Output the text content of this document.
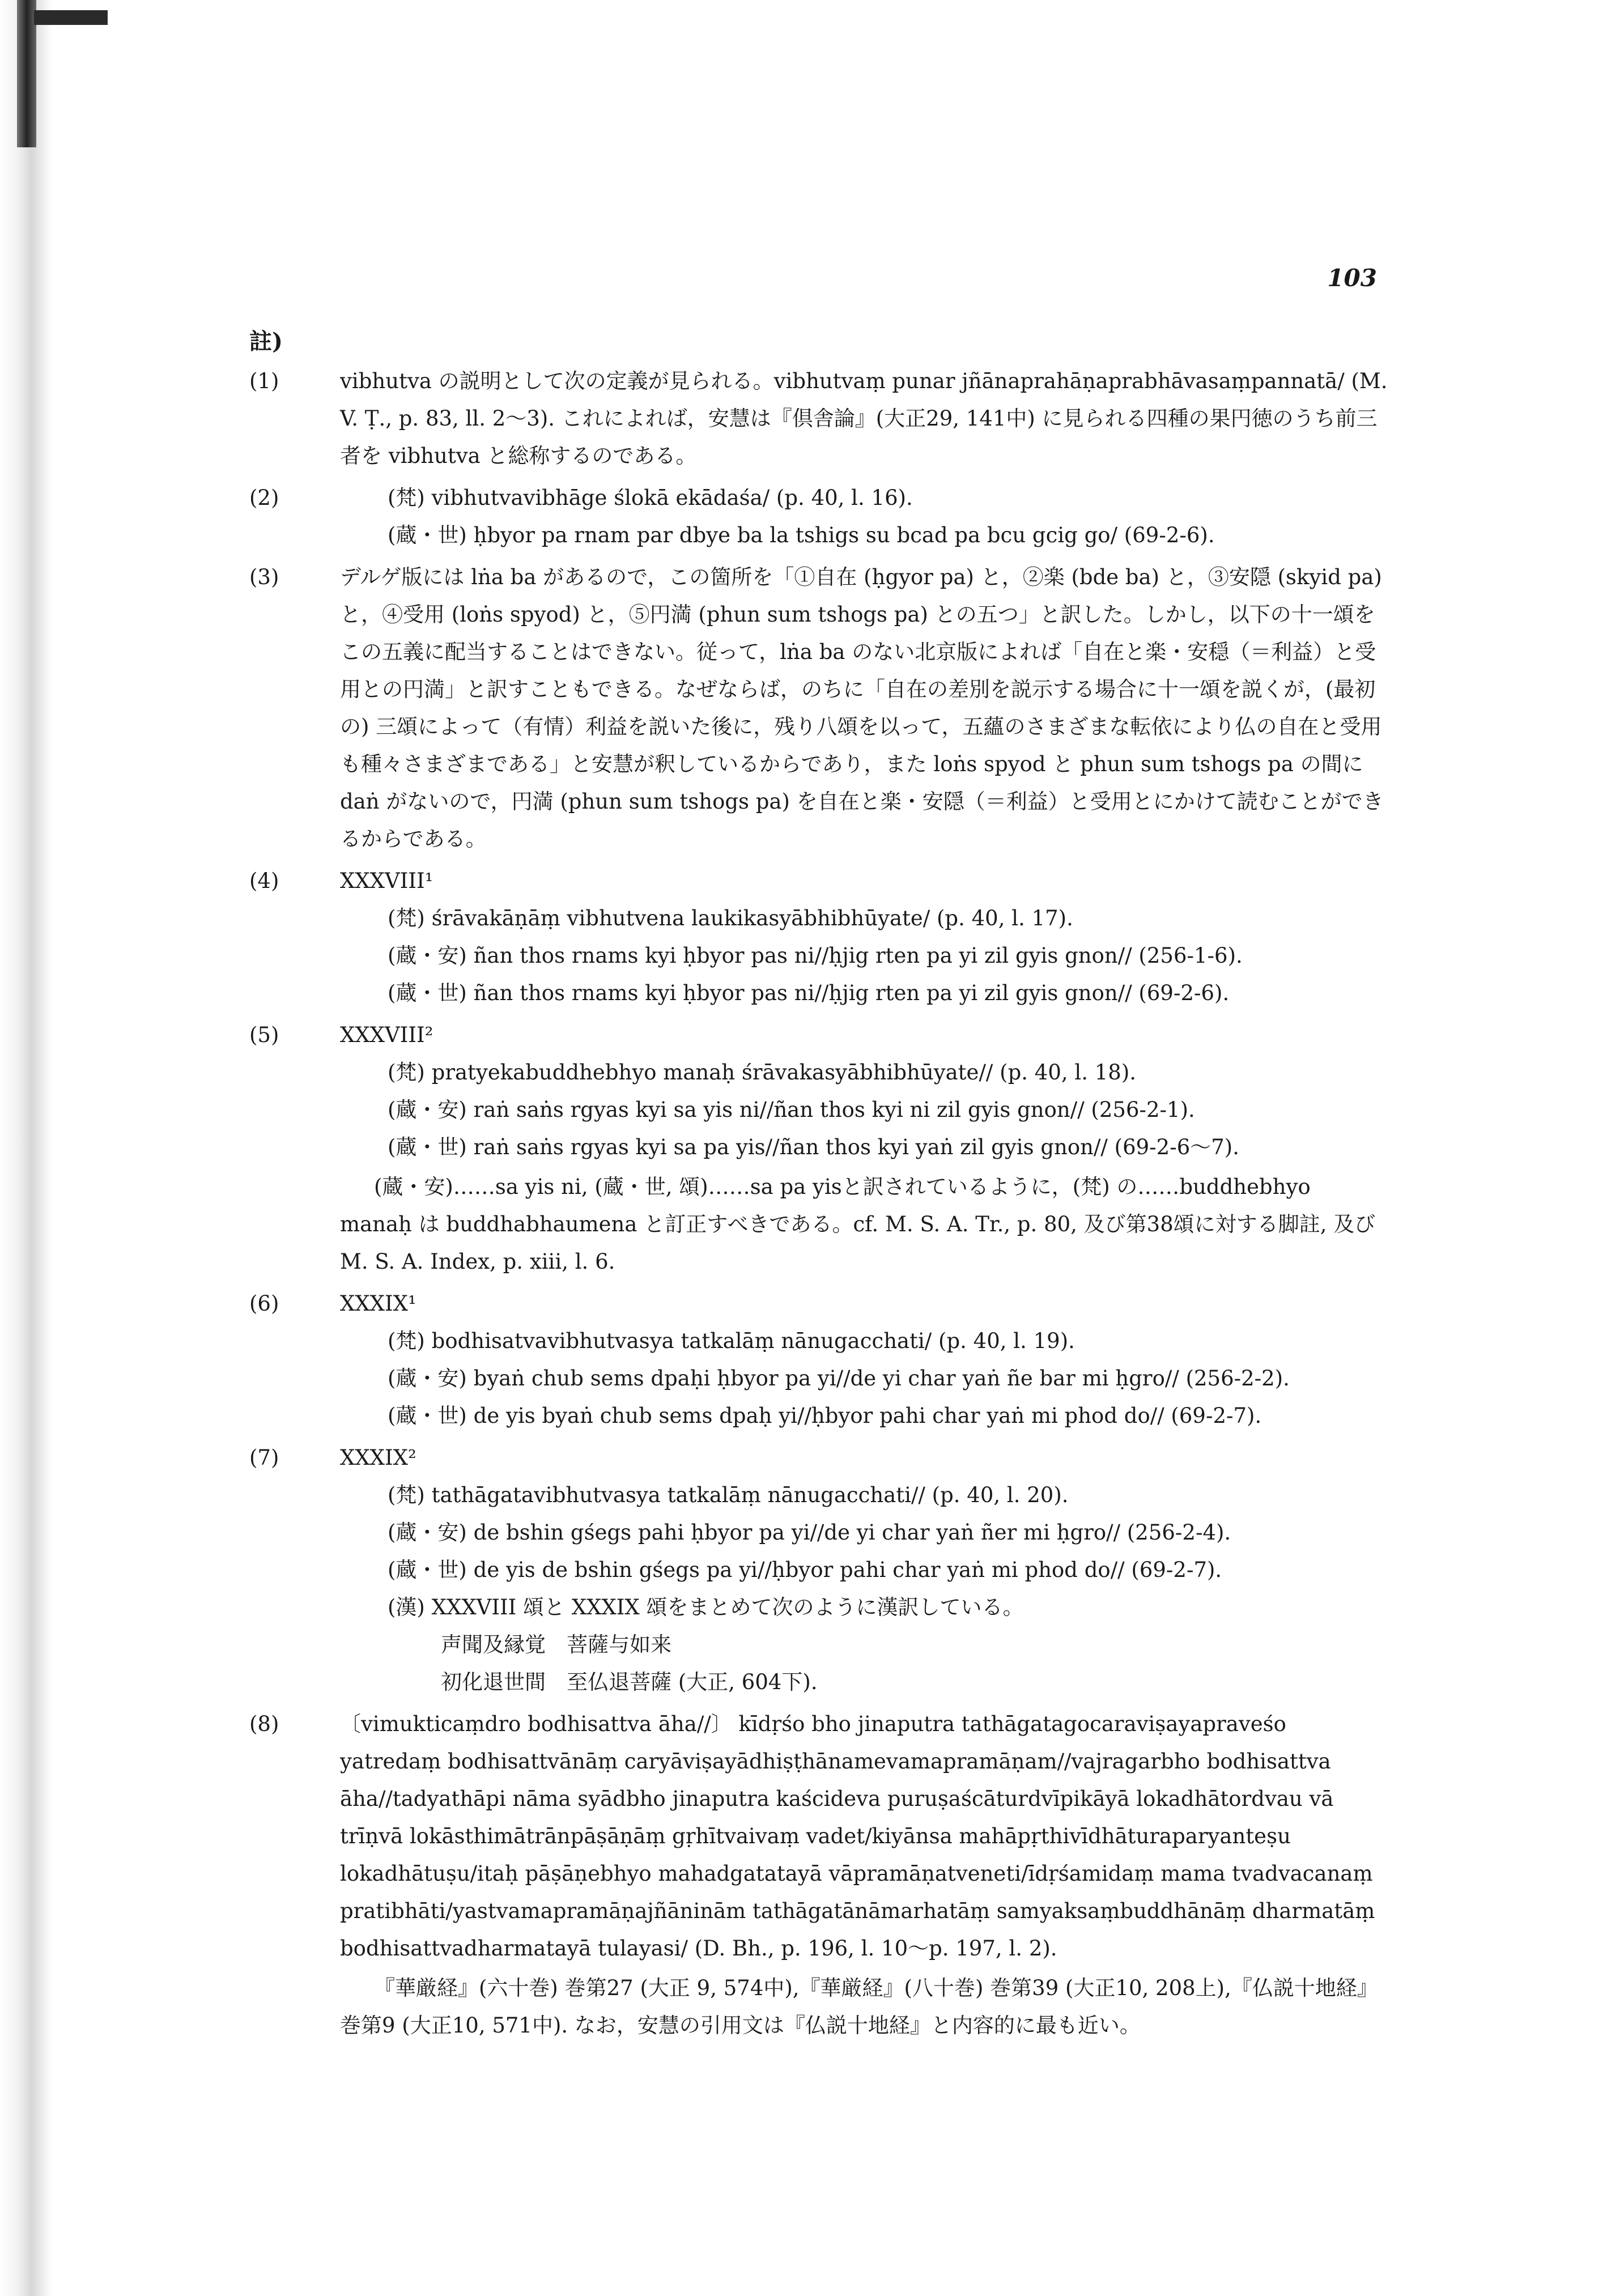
103
註)
(1)	vibhutva の説明として次の定義が見られる。vibhutvaṃ punar jñānaprahāṇaprabhāvasaṃpannatā/ (M. V. Ṭ., p. 83, ll. 2〜3). これによれば，安慧は『倶舎論』(大正29, 141中) に見られる四種の果円徳のうち前三者を vibhutva と総称するのである。
(2)	(梵) vibhutvavibhāge ślokā ekādaśa/ (p. 40, l. 16).
(蔵・世) ḥbyor pa rnam par dbye ba la tshigs su bcad pa bcu gcig go/ (69-2-6).
(3)	デルゲ版には lṅa ba があるので，この箇所を「①自在 (ḥgyor pa) と，②楽 (bde ba) と，③安隠 (skyid pa) と，④受用 (loṅs spyod) と，⑤円満 (phun sum tshogs pa) との五つ」と訳した。しかし，以下の十一頌をこの五義に配当することはできない。従って，lṅa ba のない北京版によれば「自在と楽・安穏（＝利益）と受用との円満」と訳すこともできる。なぜならば，のちに「自在の差別を説示する場合に十一頌を説くが，(最初の) 三頌によって（有情）利益を説いた後に，残り八頌を以って，五蘊のさまざまな転依により仏の自在と受用も種々さまざまである」と安慧が釈しているからであり，また loṅs spyod と phun sum tshogs pa の間に daṅ がないので，円満 (phun sum tshogs pa) を自在と楽・安隠（＝利益）と受用とにかけて読むことができるからである。
(4)	XXXVIII¹
(梵) śrāvakāṇāṃ vibhutvena laukikasyābhibhūyate/ (p. 40, l. 17).
(蔵・安) ñan thos rnams kyi ḥbyor pas ni//ḥjig rten pa yi zil gyis gnon// (256-1-6).
(蔵・世) ñan thos rnams kyi ḥbyor pas ni//ḥjig rten pa yi zil gyis gnon// (69-2-6).
(5)	XXXVIII²
(梵) pratyekabuddhebhyo manaḥ śrāvakasyābhibhūyate// (p. 40, l. 18).
(蔵・安) raṅ saṅs rgyas kyi sa yis ni//ñan thos kyi ni zil gyis gnon// (256-2-1).
(蔵・世) raṅ saṅs rgyas kyi sa pa yis//ñan thos kyi yaṅ zil gyis gnon// (69-2-6〜7).
(蔵・安)……sa yis ni, (蔵・世, 頌)……sa pa yisと訳されているように，(梵) の……buddhebhyo manaḥ は buddhabhaumena と訂正すべきである。cf. M. S. A. Tr., p. 80, 及び第38頌に対する脚註, 及び M. S. A. Index, p. xiii, l. 6.
(6)	XXXIX¹
(梵) bodhisatvavibhutvasya tatkalāṃ nānugacchati/ (p. 40, l. 19).
(蔵・安) byaṅ chub sems dpaḥi ḥbyor pa yi//de yi char yaṅ ñe bar mi ḥgro// (256-2-2).
(蔵・世) de yis byaṅ chub sems dpaḥ yi//ḥbyor pahi char yaṅ mi phod do// (69-2-7).
(7)	XXXIX²
(梵) tathāgatavibhutvasya tatkalāṃ nānugacchati// (p. 40, l. 20).
(蔵・安) de bshin gśegs pahi ḥbyor pa yi//de yi char yaṅ ñer mi ḥgro// (256-2-4).
(蔵・世) de yis de bshin gśegs pa yi//ḥbyor pahi char yaṅ mi phod do// (69-2-7).
(漢) XXXVIII 頌と XXXIX 頌をまとめて次のように漢訳している。
声聞及縁覚　菩薩与如来
初化退世間　至仏退菩薩 (大正, 604下).
(8)	〔vimukticaṃdro bodhisattva āha//〕 kīdṛśo bho jinaputra tathāgatagocaraviṣayapraveśo yatredaṃ bodhisattvānāṃ caryāviṣayādhiṣṭhānamevamapramāṇam//vajragarbho bodhisattva āha//tadyathāpi nāma syādbho jinaputra kaścideva puruṣaścāturdvīpikāyā lokadhātordvau vā trīṇvā lokāsthimātrānpāṣāṇāṃ gṛhītvaivaṃ vadet/kiyānsa mahāpṛthivīdhāturaparyanteṣu lokadhātuṣu/itaḥ pāṣāṇebhyo mahadgatatayā vāpramāṇatveneti/īdṛśamidaṃ mama tvadvacanaṃ pratibhāti/yastvamapramāṇajñāninām tathāgatānāmarhatāṃ samyaksaṃbuddhānāṃ dharmatāṃ bodhisattvadharmatayā tulayasi/ (D. Bh., p. 196, l. 10〜p. 197, l. 2).
『華厳経』(六十巻) 巻第27 (大正 9, 574中),『華厳経』(八十巻) 巻第39 (大正10, 208上),『仏説十地経』巻第9 (大正10, 571中). なお，安慧の引用文は『仏説十地経』と内容的に最も近い。
